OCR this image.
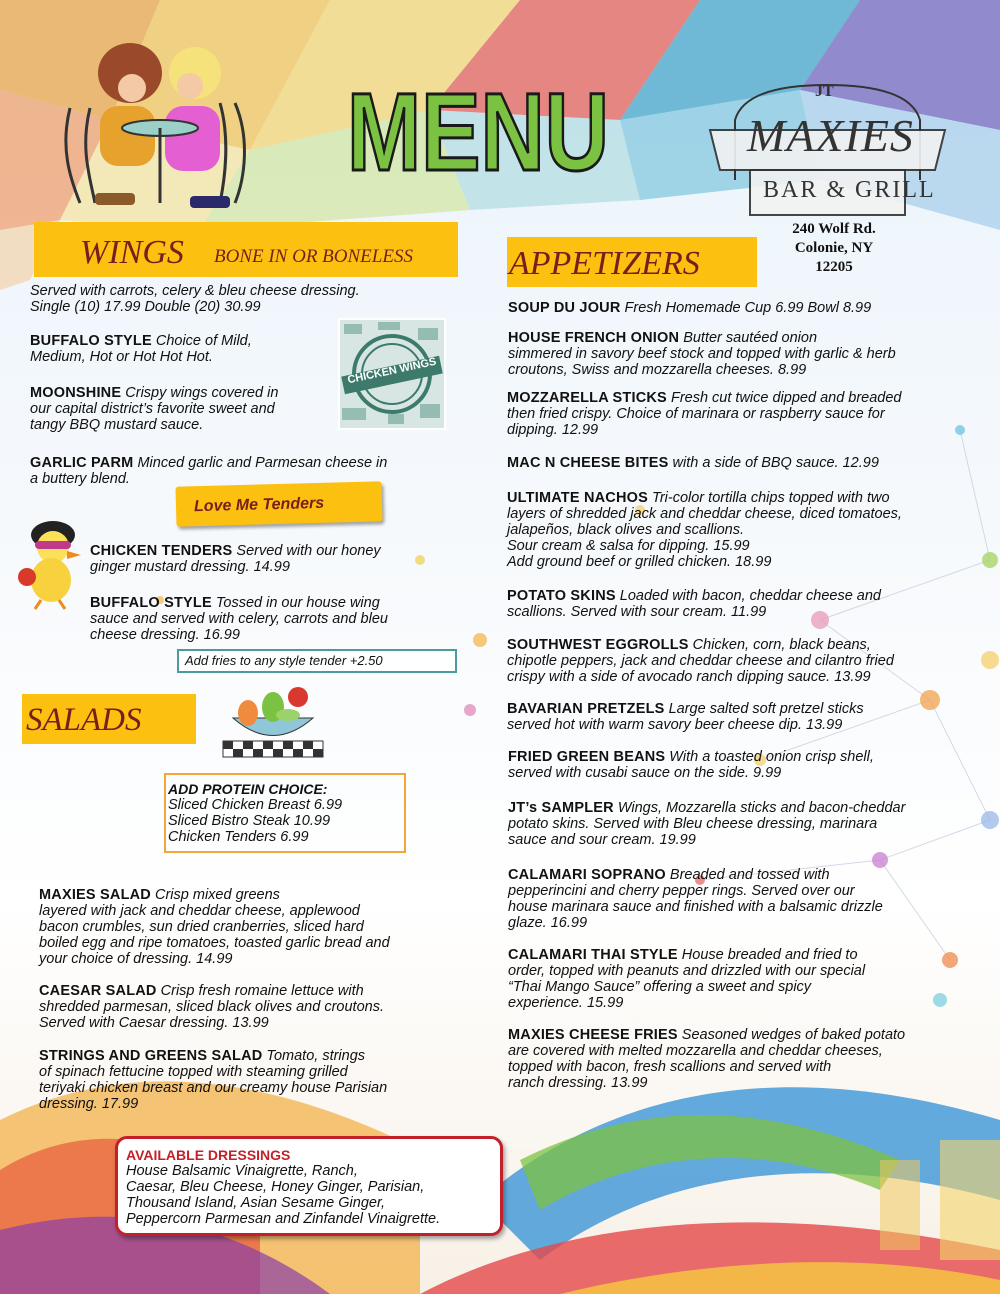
MENU	JT
MAXIES
BAR & GRILL
240 Wolf Rd.
Colonie, NY
12205
WINGS BONE IN OR BONELESS
Served with carrots, celery & bleu cheese dressing.
Single (10) 17.99 Double (20) 30.99
BUFFALO STYLE Choice of Mild,
Medium, Hot or Hot Hot Hot.
MOONSHINE Crispy wings covered in
our capital district’s favorite sweet and
tangy BBQ mustard sauce.
GARLIC PARM Minced garlic and Parmesan cheese in
a buttery blend.
CHICKEN WINGS
Love Me Tenders
CHICKEN TENDERS Served with our honey
ginger mustard dressing. 14.99
BUFFALO STYLE Tossed in our house wing
sauce and served with celery, carrots and bleu
cheese dressing. 16.99
Add fries to any style tender +2.50
SALADS
ADD PROTEIN CHOICE:
Sliced Chicken Breast 6.99
Sliced Bistro Steak 10.99
Chicken Tenders 6.99
MAXIES SALAD Crisp mixed greens
layered with jack and cheddar cheese, applewood
bacon crumbles, sun dried cranberries, sliced hard
boiled egg and ripe tomatoes, toasted garlic bread and
your choice of dressing. 14.99
CAESAR SALAD Crisp fresh romaine lettuce with
shredded parmesan, sliced black olives and croutons.
Served with Caesar dressing. 13.99
STRINGS AND GREENS SALAD Tomato, strings
of spinach fettucine topped with steaming grilled
teriyaki chicken breast and our creamy house Parisian
dressing. 17.99
AVAILABLE DRESSINGS
House Balsamic Vinaigrette, Ranch,
Caesar, Bleu Cheese, Honey Ginger, Parisian,
Thousand Island, Asian Sesame Ginger,
Peppercorn Parmesan and Zinfandel Vinaigrette.
APPETIZERS
SOUP DU JOUR Fresh Homemade Cup 6.99 Bowl 8.99
HOUSE FRENCH ONION Butter sautéed onion
simmered in savory beef stock and topped with garlic & herb
croutons, Swiss and mozzarella cheeses. 8.99
MOZZARELLA STICKS Fresh cut twice dipped and breaded
then fried crispy. Choice of marinara or raspberry sauce for
dipping. 12.99
MAC N CHEESE BITES with a side of BBQ sauce. 12.99
ULTIMATE NACHOS Tri-color tortilla chips topped with two
layers of shredded jack and cheddar cheese, diced tomatoes,
jalapeños, black olives and scallions.
Sour cream & salsa for dipping. 15.99
Add ground beef or grilled chicken. 18.99
POTATO SKINS Loaded with bacon, cheddar cheese and
scallions. Served with sour cream. 11.99
SOUTHWEST EGGROLLS Chicken, corn, black beans,
chipotle peppers, jack and cheddar cheese and cilantro fried
crispy with a side of avocado ranch dipping sauce. 13.99
BAVARIAN PRETZELS Large salted soft pretzel sticks
served hot with warm savory beer cheese dip. 13.99
FRIED GREEN BEANS With a toasted onion crisp shell,
served with cusabi sauce on the side. 9.99
JT’s SAMPLER Wings, Mozzarella sticks and bacon-cheddar
potato skins. Served with Bleu cheese dressing, marinara
sauce and sour cream. 19.99
CALAMARI SOPRANO Breaded and tossed with
pepperincini and cherry pepper rings. Served over our
house marinara sauce and finished with a balsamic drizzle
glaze. 16.99
CALAMARI THAI STYLE House breaded and fried to
order, topped with peanuts and drizzled with our special
“Thai Mango Sauce” offering a sweet and spicy
experience. 15.99
MAXIES CHEESE FRIES Seasoned wedges of baked potato
are covered with melted mozzarella and cheddar cheeses,
topped with bacon, fresh scallions and served with
ranch dressing. 13.99
